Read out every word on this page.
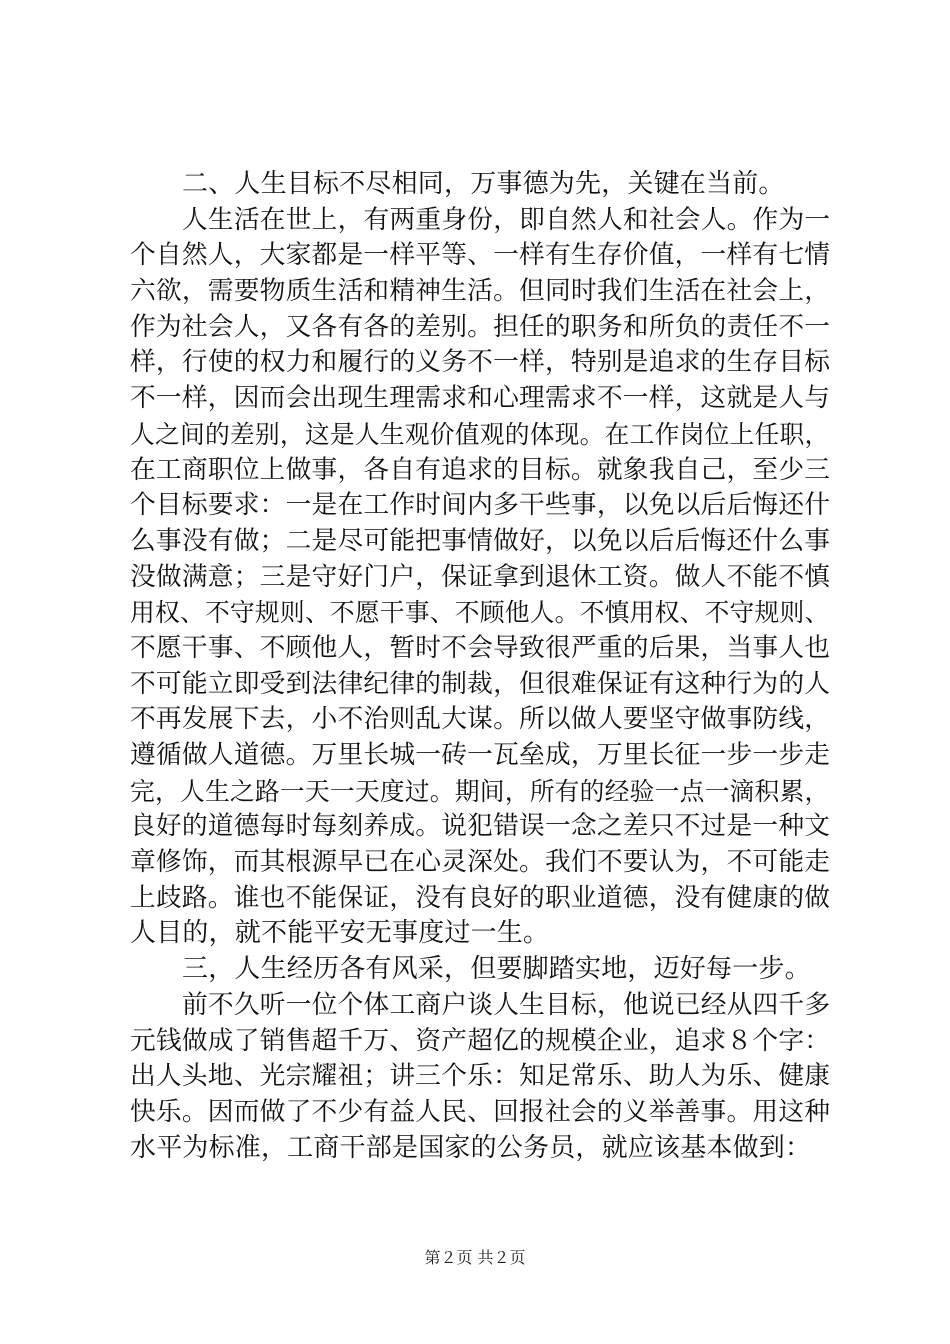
二、人生目标不尽相同，万事德为先，关键在当前。
人生活在世上，有两重身份，即自然人和社会人。作为一
个自然人，大家都是一样平等、一样有生存价值，一样有七情
六欲，需要物质生活和精神生活。但同时我们生活在社会上，
作为社会人，又各有各的差别。担任的职务和所负的责任不一
样，行使的权力和履行的义务不一样，特别是追求的生存目标
不一样，因而会出现生理需求和心理需求不一样，这就是人与
人之间的差别，这是人生观价值观的体现。在工作岗位上任职，
在工商职位上做事，各自有追求的目标。就象我自己，至少三
个目标要求：一是在工作时间内多干些事，以免以后后悔还什
么事没有做；二是尽可能把事情做好，以免以后后悔还什么事
没做满意；三是守好门户，保证拿到退休工资。做人不能不慎
用权、不守规则、不愿干事、不顾他人。不慎用权、不守规则、
不愿干事、不顾他人，暂时不会导致很严重的后果，当事人也
不可能立即受到法律纪律的制裁，但很难保证有这种行为的人
不再发展下去，小不治则乱大谋。所以做人要坚守做事防线，
遵循做人道德。万里长城一砖一瓦垒成，万里长征一步一步走
完，人生之路一天一天度过。期间，所有的经验一点一滴积累，
良好的道德每时每刻养成。说犯错误一念之差只不过是一种文
章修饰，而其根源早已在心灵深处。我们不要认为，不可能走
上歧路。谁也不能保证，没有良好的职业道德，没有健康的做
人目的，就不能平安无事度过一生。
三，人生经历各有风采，但要脚踏实地，迈好每一步。
前不久听一位个体工商户谈人生目标，他说已经从四千多
元钱做成了销售超千万、资产超亿的规模企业，追求８个字：
出人头地、光宗耀祖；讲三个乐：知足常乐、助人为乐、健康
快乐。因而做了不少有益人民、回报社会的义举善事。用这种
水平为标准，工商干部是国家的公务员，就应该基本做到：
第２页 共２页
